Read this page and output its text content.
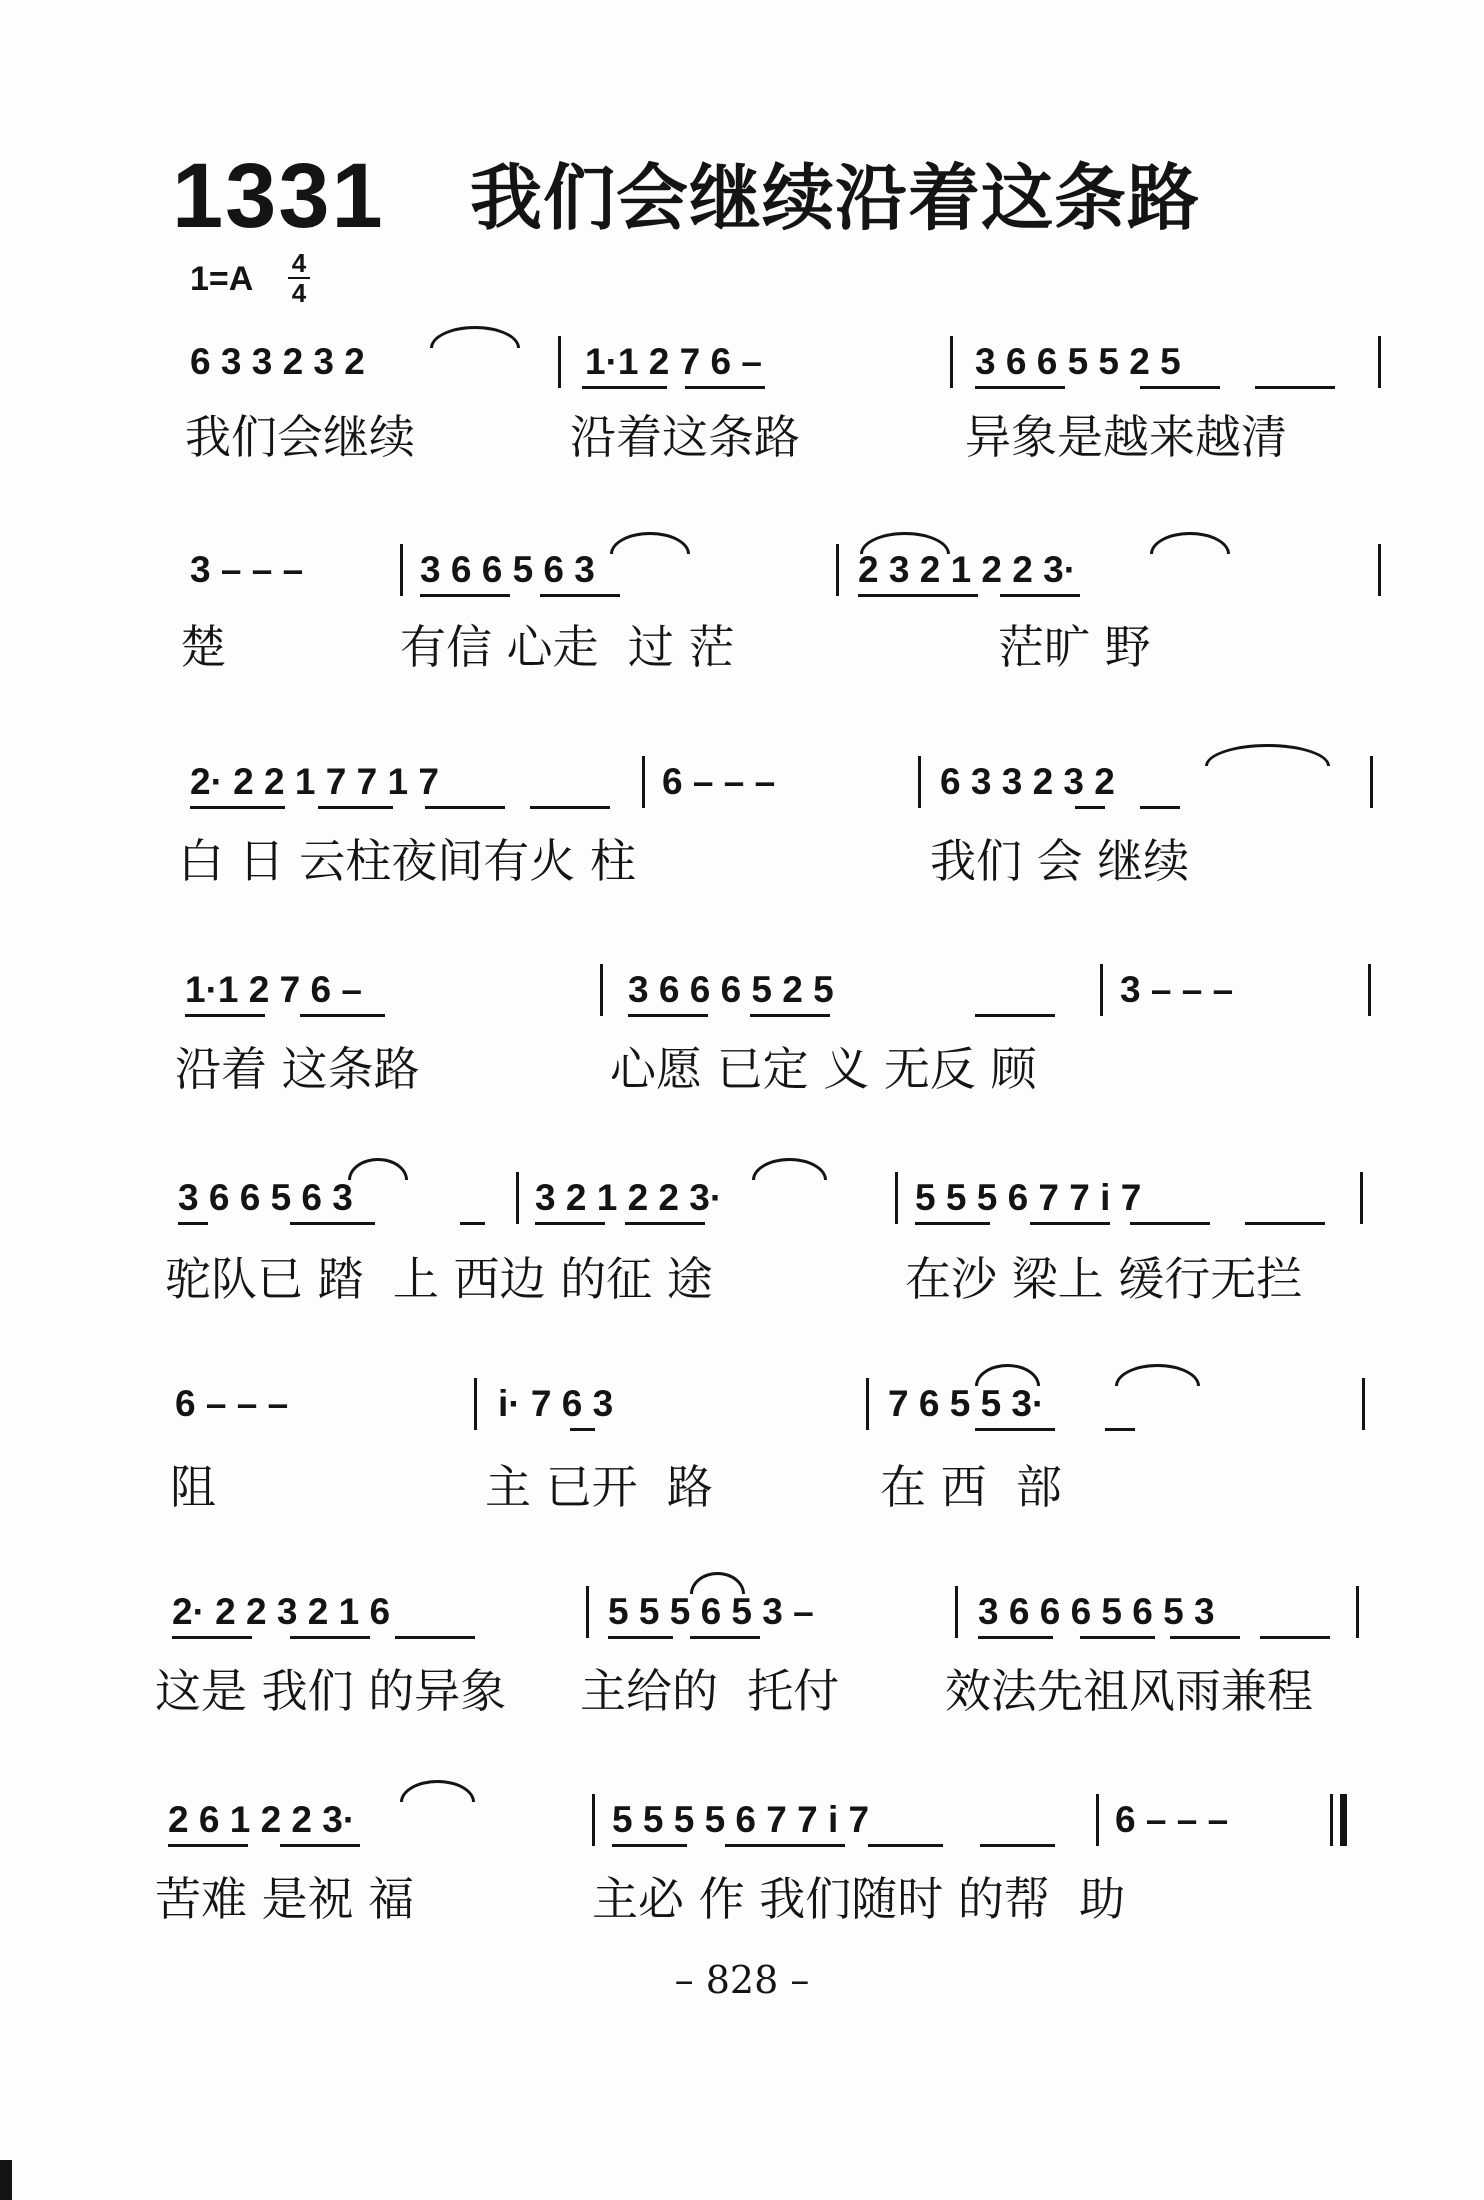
1331 我们会继续沿着这条路
1=A 4
4

6 3 3 2 3 2

	1·1 2 7 6 –

	3 6 6 5 5 2 5

我们会继续

	沿着这条路

	异象是越来越清

3 – – –

	3 6 6 5 6 3

	2 3 2 1 2 2 3·

楚

	有信 心走  过 茫

	茫旷 野

2· 2 2 1 7 7 1 7

	6 – – –

	6 3 3 2 3 2

白 日 云柱夜间有火 柱

	我们 会 继续

1·1 2 7 6 –

	3 6 6 6 5 2 5

	3 – – –

沿着 这条路

	心愿 已定 义 无反 顾

3 6 6 5 6 3

	3 2 1 2 2 3·

	5 5 5 6 7 7 i 7

驼队已 踏  上 西边 的征 途

	在沙 梁上 缓行无拦

6 – – –

	i· 7 6 3

	7 6 5 5 3·

阻

	主 已开  路

	在 西  部

2· 2 2 3 2 1 6

	5 5 5 6 5 3 –

	3 6 6 6 5 6 5 3

这是 我们 的异象

主给的  托付

效法先祖风雨兼程

2 6 1 2 2 3·

	5 5 5 5 6 7 7 i 7

	6 – – –

苦难 是祝 福

	主必 作 我们随时 的帮  助

– 828 –
